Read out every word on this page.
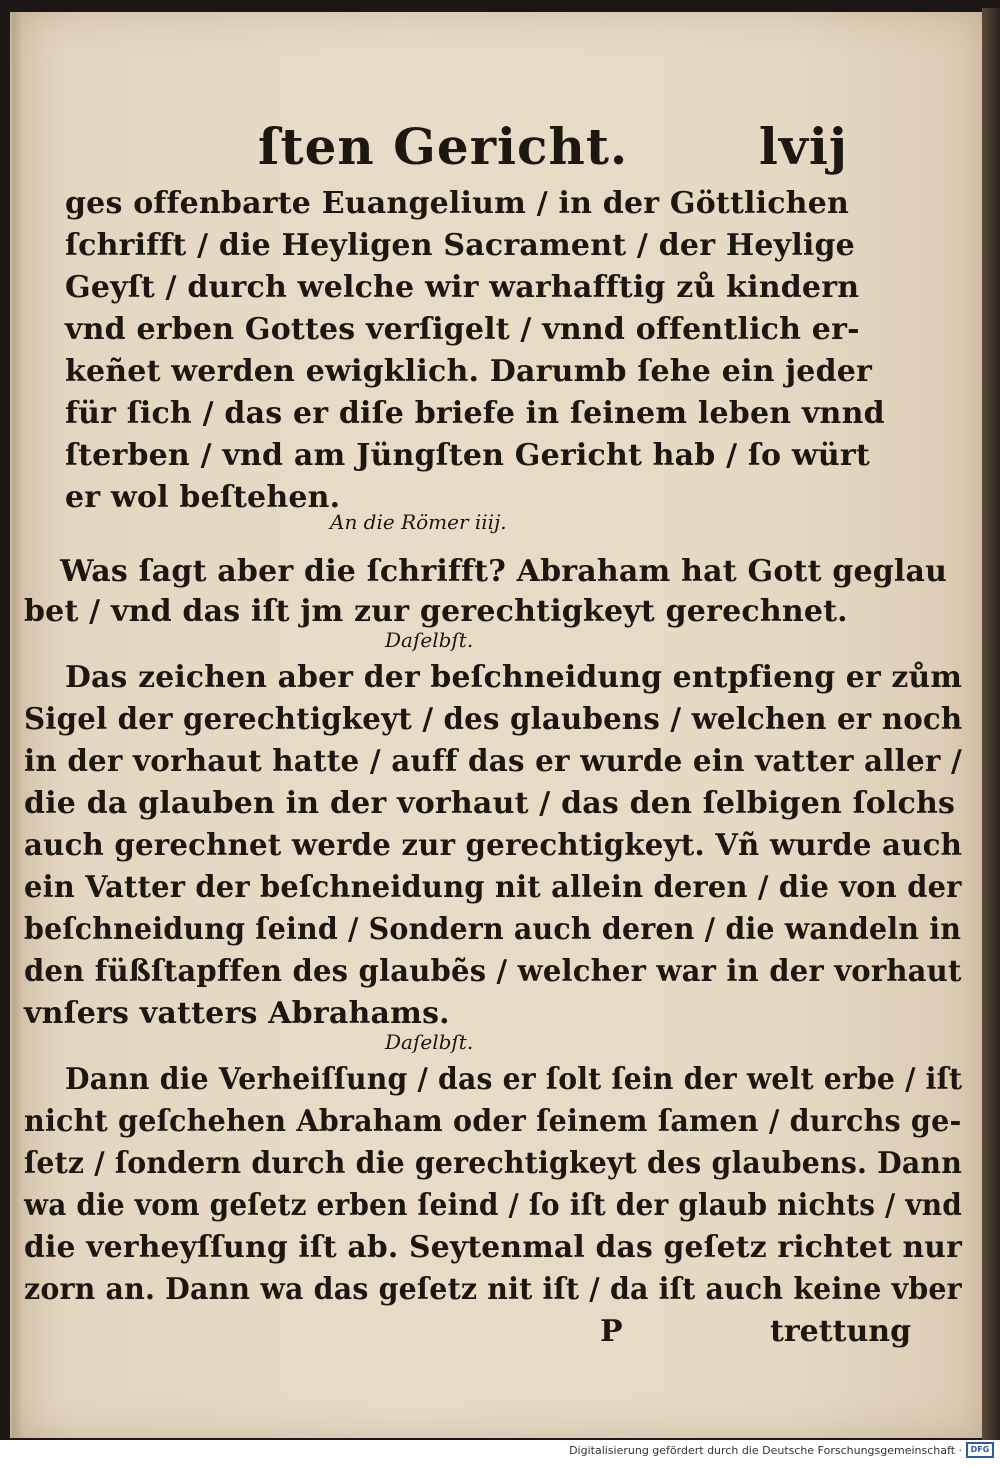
ſten Gericht.	lvij
ges offenbarte Euangelium / in der Göttlichen
ſchrifft / die Heyligen Sacrament / der Heylige
Geyſt / durch welche wir warhafftig zů kindern
vnd erben Gottes verſigelt / vnnd offentlich er-
keñet werden ewigklich. Darumb ſehe ein jeder
für ſich / das er diſe briefe in ſeinem leben vnnd
ſterben / vnd am Jüngſten Gericht hab / ſo würt
er wol beſtehen.
An die Römer iiij.
Was ſagt aber die ſchrifft? Abraham hat Gott geglau
bet / vnd das iſt jm zur gerechtigkeyt gerechnet.
Daſelbſt.
Das zeichen aber der beſchneidung entpfieng er zům
Sigel der gerechtigkeyt / des glaubens / welchen er noch
in der vorhaut hatte / auff das er wurde ein vatter aller /
die da glauben in der vorhaut / das den ſelbigen ſolchs
auch gerechnet werde zur gerechtigkeyt. Vñ wurde auch
ein Vatter der beſchneidung nit allein deren / die von der
beſchneidung ſeind / Sondern auch deren / die wandeln in
den füßſtapffen des glaubẽs / welcher war in der vorhaut
vnſers vatters Abrahams.
Daſelbſt.
Dann die Verheiſſung / das er ſolt ſein der welt erbe / iſt
nicht geſchehen Abraham oder ſeinem ſamen / durchs ge-
ſetz / ſondern durch die gerechtigkeyt des glaubens. Dann
wa die vom geſetz erben ſeind / ſo iſt der glaub nichts / vnd
die verheyſſung iſt ab. Seytenmal das geſetz richtet nur
zorn an. Dann wa das geſetz nit iſt / da iſt auch keine vber
P	trettung
Digitalisierung gefördert durch die Deutsche Forschungsgemeinschaft ·	DFG
